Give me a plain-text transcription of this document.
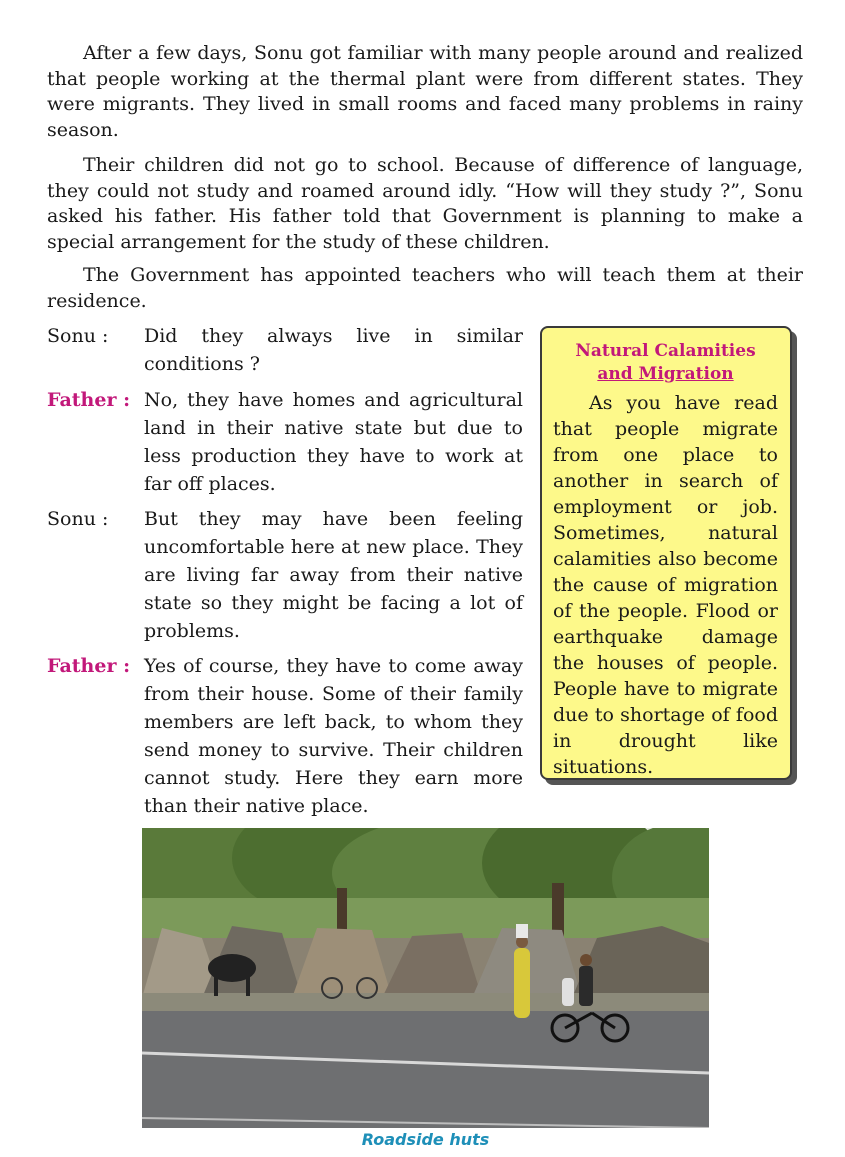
After a few days, Sonu got familiar with many people around and realized that people working at the thermal plant were from different states. They were migrants. They lived in small rooms and faced many problems in rainy season.

Their children did not go to school. Because of difference of language, they could not study and roamed around idly. “How will they study ?”, Sonu asked his father. His father told that Government is planning to make a special arrangement for the study of these children.

The Government has appointed teachers who will teach them at their residence.

Sonu :	Did they always live in similar conditions ?
Father : No, they have homes and agricultural land in their native state but due to less production they have to work at far off places.
Sonu :	But they may have been feeling uncomfortable here at new place. They are living far away from their native state so they might be facing a lot of problems.
Father : Yes of course, they have to come away from their house. Some of their family members are left back, to whom they send money to survive. Their children cannot study. Here they earn more than their native place.
Natural Calamities
and Migration

As you have read that people migrate from one place to another in search of employment or job. Sometimes, natural calamities also become the cause of migration of the people. Flood or earthquake damage the houses of people. People have to migrate due to shortage of food in drought like situations.

Roadside huts
